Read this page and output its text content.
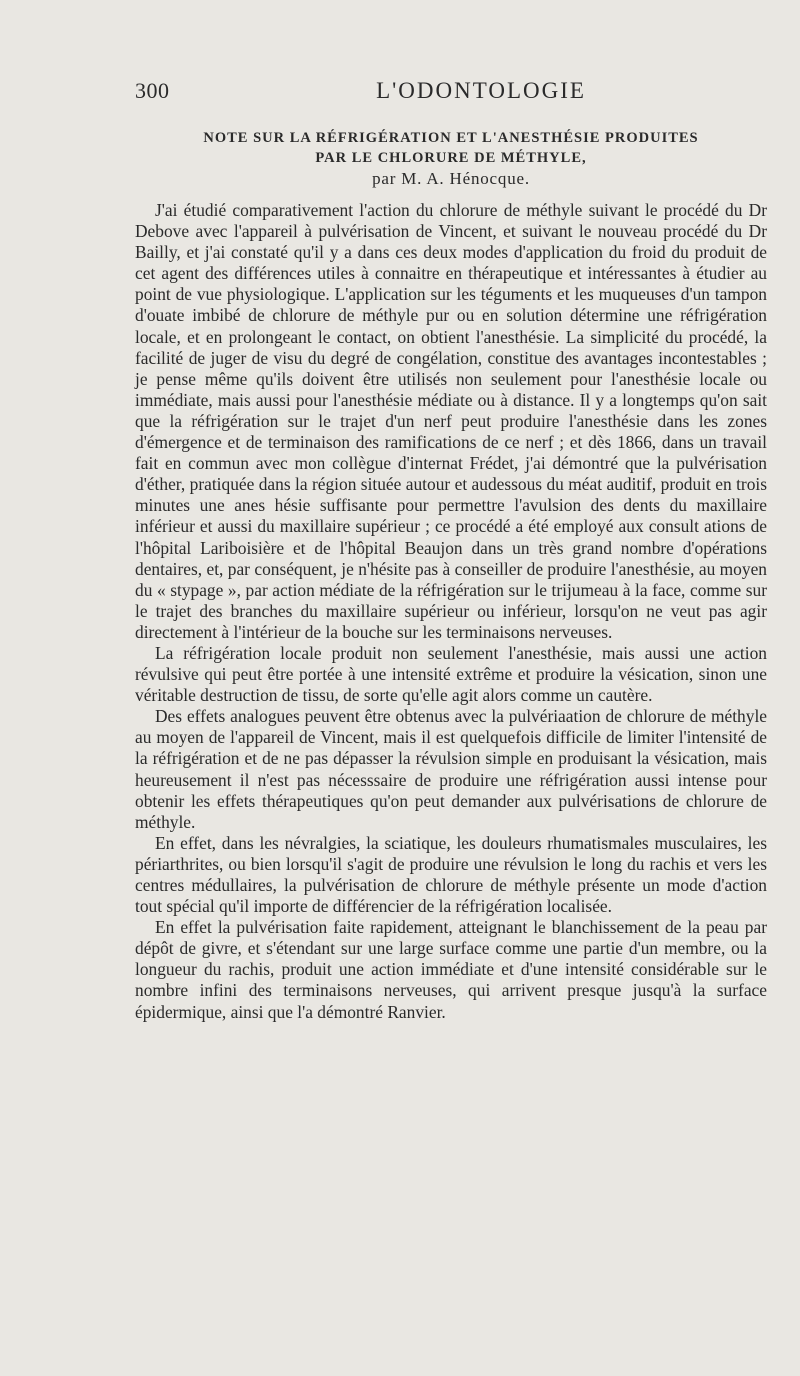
300	L'ODONTOLOGIE
NOTE SUR LA RÉFRIGÉRATION ET L'ANESTHÉSIE PRODUITES
PAR LE CHLORURE DE MÉTHYLE,
par M. A. Hénocque.

J'ai étudié comparativement l'action du chlorure de méthyle suivant le procédé du Dr Debove avec l'appareil à pulvérisation de Vincent, et suivant le nouveau procédé du Dr Bailly, et j'ai constaté qu'il y a dans ces deux modes d'application du froid du produit de cet agent des différences utiles à connaitre en thérapeutique et intéressantes à étudier au point de vue physiologique. L'application sur les téguments et les muqueuses d'un tampon d'ouate imbibé de chlorure de méthyle pur ou en solution détermine une réfrigération locale, et en prolongeant le contact, on obtient l'anesthésie. La simplicité du procédé, la facilité de juger de visu du degré de congélation, constitue des avantages incontestables ; je pense même qu'ils doivent être utilisés non seulement pour l'anesthésie locale ou immédiate, mais aussi pour l'anesthésie médiate ou à distance. Il y a longtemps qu'on sait que la réfrigération sur le trajet d'un nerf peut produire l'anesthésie dans les zones d'émergence et de terminaison des ramifications de ce nerf ; et dès 1866, dans un travail fait en commun avec mon collègue d'internat Frédet, j'ai démontré que la pulvérisation d'éther, pratiquée dans la région située autour et audessous du méat auditif, produit en trois minutes une anes hésie suffisante pour permettre l'avulsion des dents du maxillaire inférieur et aussi du maxillaire supérieur ; ce procédé a été employé aux consult ations de l'hôpital Lariboisière et de l'hôpital Beaujon dans un très grand nombre d'opérations dentaires, et, par conséquent, je n'hésite pas à conseiller de produire l'anesthésie, au moyen du « stypage », par action médiate de la réfrigération sur le trijumeau à la face, comme sur le trajet des branches du maxillaire supérieur ou inférieur, lorsqu'on ne veut pas agir directement à l'intérieur de la bouche sur les terminaisons nerveuses.

La réfrigération locale produit non seulement l'anesthésie, mais aussi une action révulsive qui peut être portée à une intensité extrême et produire la vésication, sinon une véritable destruction de tissu, de sorte qu'elle agit alors comme un cautère.

Des effets analogues peuvent être obtenus avec la pulvériaation de chlorure de méthyle au moyen de l'appareil de Vincent, mais il est quelquefois difficile de limiter l'intensité de la réfrigération et de ne pas dépasser la révulsion simple en produisant la vésication, mais heureusement il n'est pas nécesssaire de produire une réfrigération aussi intense pour obtenir les effets thérapeutiques qu'on peut demander aux pulvérisations de chlorure de méthyle.

En effet, dans les névralgies, la sciatique, les douleurs rhumatismales musculaires, les périarthrites, ou bien lorsqu'il s'agit de produire une révulsion le long du rachis et vers les centres médullaires, la pulvérisation de chlorure de méthyle présente un mode d'action tout spécial qu'il importe de différencier de la réfrigération localisée.

En effet la pulvérisation faite rapidement, atteignant le blanchissement de la peau par dépôt de givre, et s'étendant sur une large surface comme une partie d'un membre, ou la longueur du rachis, produit une action immédiate et d'une intensité considérable sur le nombre infini des terminaisons nerveuses, qui arrivent presque jusqu'à la surface épidermique, ainsi que l'a démontré Ranvier.
